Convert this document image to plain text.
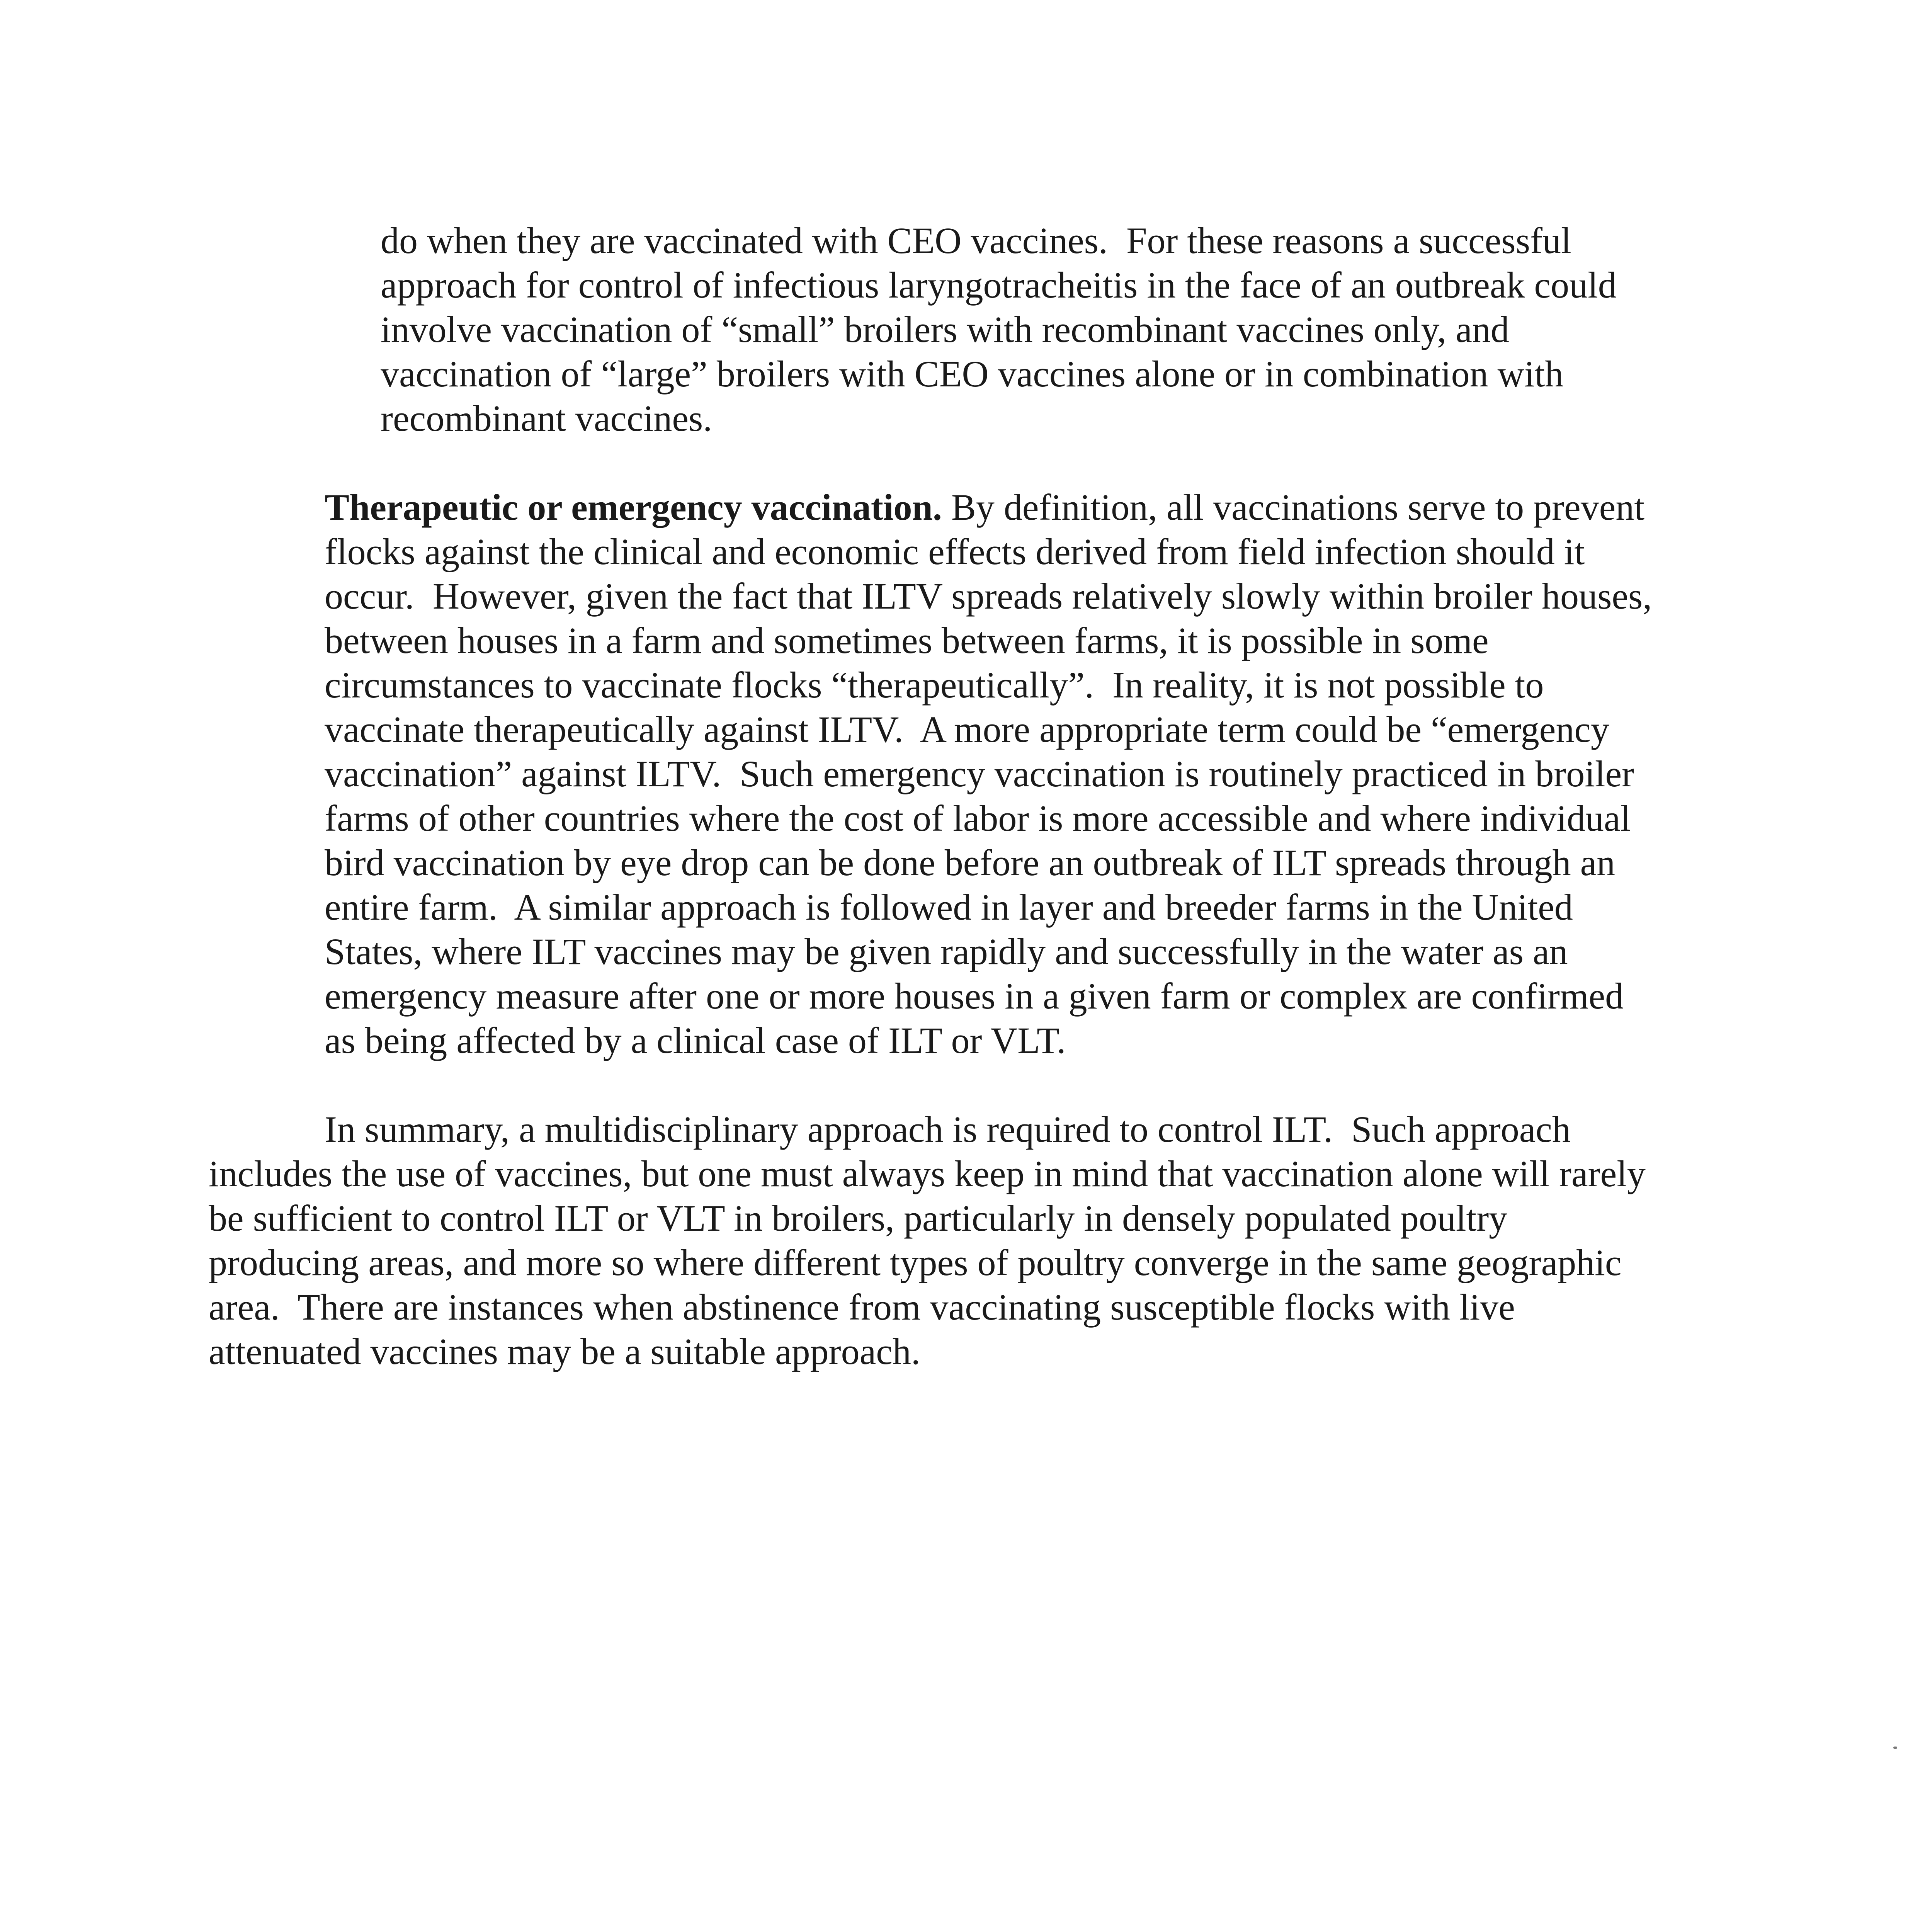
do when they are vaccinated with CEO vaccines.  For these reasons a successful
approach for control of infectious laryngotracheitis in the face of an outbreak could
involve vaccination of “small” broilers with recombinant vaccines only, and
vaccination of “large” broilers with CEO vaccines alone or in combination with
recombinant vaccines.
Therapeutic or emergency vaccination. By definition, all vaccinations serve to prevent
flocks against the clinical and economic effects derived from field infection should it
occur.  However, given the fact that ILTV spreads relatively slowly within broiler houses,
between houses in a farm and sometimes between farms, it is possible in some
circumstances to vaccinate flocks “therapeutically”.  In reality, it is not possible to
vaccinate therapeutically against ILTV.  A more appropriate term could be “emergency
vaccination” against ILTV.  Such emergency vaccination is routinely practiced in broiler
farms of other countries where the cost of labor is more accessible and where individual
bird vaccination by eye drop can be done before an outbreak of ILT spreads through an
entire farm.  A similar approach is followed in layer and breeder farms in the United
States, where ILT vaccines may be given rapidly and successfully in the water as an
emergency measure after one or more houses in a given farm or complex are confirmed
as being affected by a clinical case of ILT or VLT.
In summary, a multidisciplinary approach is required to control ILT.  Such approach
includes the use of vaccines, but one must always keep in mind that vaccination alone will rarely
be sufficient to control ILT or VLT in broilers, particularly in densely populated poultry
producing areas, and more so where different types of poultry converge in the same geographic
area.  There are instances when abstinence from vaccinating susceptible flocks with live
attenuated vaccines may be a suitable approach.
